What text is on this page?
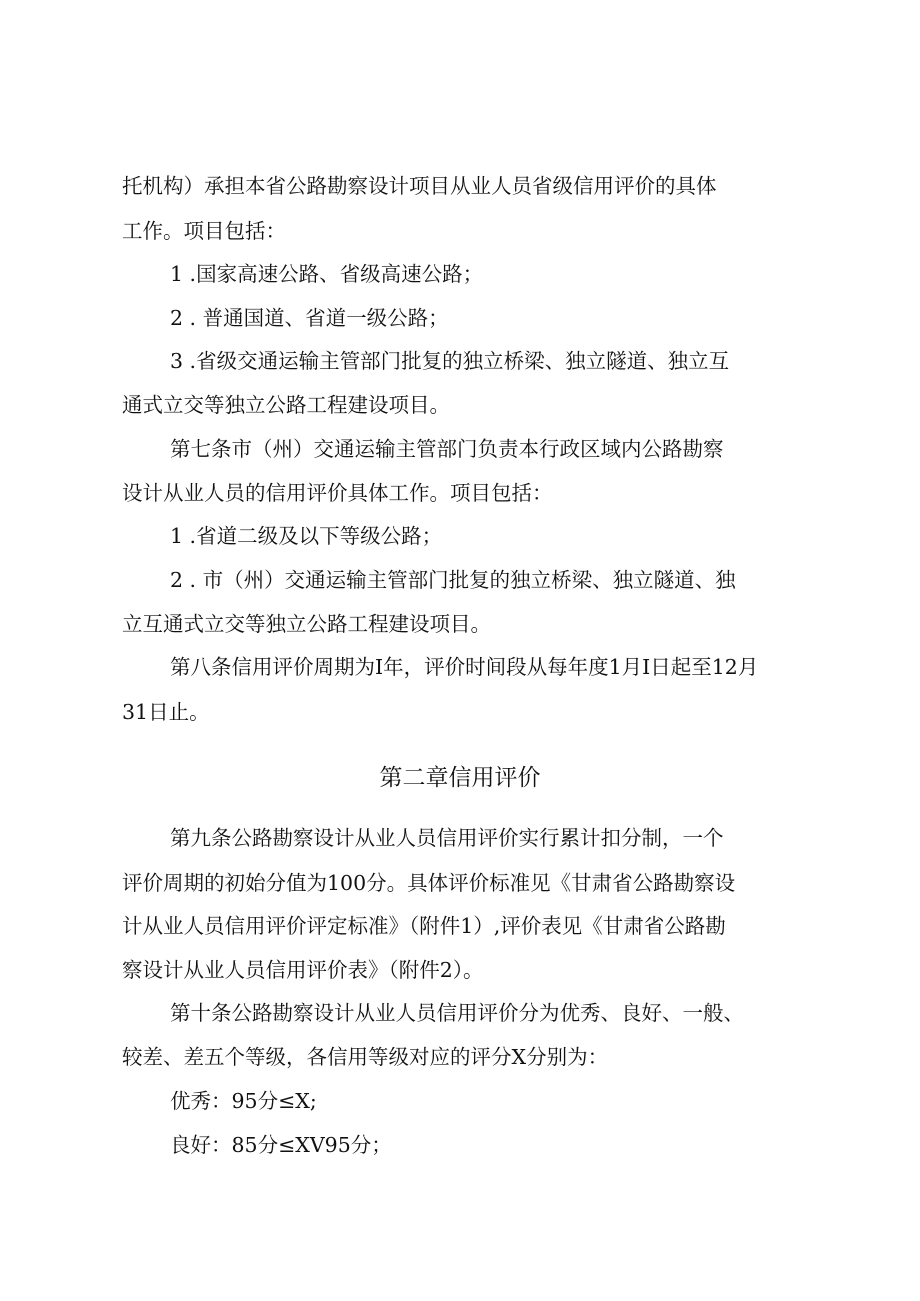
托机构）承担本省公路勘察设计项目从业人员省级信用评价的具体

工作。项目包括：

1 .国家高速公路、省级高速公路；

2 . 普通国道、省道一级公路；

3 .省级交通运输主管部门批复的独立桥梁、独立隧道、独立互

通式立交等独立公路工程建设项目。

第七条市（州）交通运输主管部门负责本行政区域内公路勘察

设计从业人员的信用评价具体工作。项目包括：

1 .省道二级及以下等级公路；

2 . 市（州）交通运输主管部门批复的独立桥梁、独立隧道、独

立互通式立交等独立公路工程建设项目。

第八条信用评价周期为I年，评价时间段从每年度1月I日起至12月

31日止。

第二章信用评价

第九条公路勘察设计从业人员信用评价实行累计扣分制，一个

评价周期的初始分值为100分。具体评价标准见《甘肃省公路勘察设

计从业人员信用评价评定标准》（附件1）,评价表见《甘肃省公路勘

察设计从业人员信用评价表》（附件2）。

第十条公路勘察设计从业人员信用评价分为优秀、良好、一般、

较差、差五个等级，各信用等级对应的评分X分别为：

优秀：95分≤X;

良好：85分≤XV95分；
